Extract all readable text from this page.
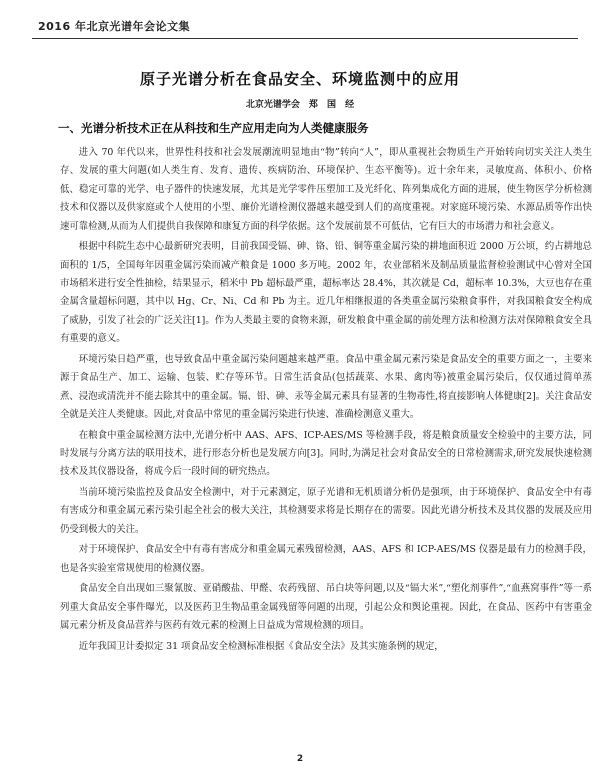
2016 年北京光谱年会论文集
原子光谱分析在食品安全、环境监测中的应用
北京光谱学会　郑 国 经
一、光谱分析技术正在从科技和生产应用走向为人类健康服务

进入 70 年代以来，世界性科技和社会发展潮流明显地由“物”转向“人”，即从重视社会物质生产开始转向切实关注人类生存、发展的重大问题(如人类生育、发育、遗传、疾病防治、环境保护、生态平衡等)。近十余年来，灵敏度高、体积小、价格低、稳定可靠的光学、电子器件的快速发展，尤其是光学零件压塑加工及光纤化、阵列集成化方面的进展，使生物医学分析检测技术和仪器以及供家庭或个人使用的小型、廉价光谱检测仪器越来越受到人们的高度重视。对家庭环境污染、水源品质等作出快速可靠检测,从而为人们提供自我保障和康复方面的科学依据。这个发展前景不可低估，它有巨大的市场潜力和社会意义。

根据中科院生态中心最新研究表明，目前我国受镉、砷、铬、铅、铜等重金属污染的耕地面积近 2000 万公顷，约占耕地总面积的 1/5，全国每年因重金属污染而减产粮食是 1000 多万吨。2002 年，农业部稻米及制品质量监督检验测试中心曾对全国市场稻米进行安全性抽检，结果显示，稻米中 Pb 超标最严重，超标率达 28.4%，其次就是 Cd，超标率 10.3%，大豆也存在重金属含量超标问题，其中以 Hg、Cr、Ni、Cd 和 Pb 为主。近几年相继报道的各类重金属污染粮食事件，对我国粮食安全构成了威胁，引发了社会的广泛关注[1]。作为人类最主要的食物来源，研发粮食中重金属的前处理方法和检测方法对保障粮食安全具有重要的意义。

环境污染日趋严重，也导致食品中重金属污染问题越来越严重。食品中重金属元素污染是食品安全的重要方面之一，主要来源于食品生产、加工、运输、包装、贮存等环节。日常生活食品(包括蔬菜、水果、禽肉等)被重金属污染后，仅仅通过简单蒸煮、浸泡或清洗并不能去除其中的重金属。镉、铅、砷、汞等金属元素具有显著的生物毒性,将直接影响人体健康[2]。关注食品安全就是关注人类健康。因此,对食品中常见的重金属污染进行快速、准确检测意义重大。

在粮食中重金属检测方法中,光谱分析中 AAS、AFS、ICP-AES/MS 等检测手段，将是粮食质量安全检验中的主要方法，同时发展与分离方法的联用技术，进行形态分析也是发展方向[3]。同时,为满足社会对食品安全的日常检测需求,研究发展快速检测技术及其仪器设备，将成今后一段时间的研究热点。

当前环境污染监控及食品安全检测中，对于元素测定，原子光谱和无机质谱分析仍是强项，由于环境保护、食品安全中有毒有害成分和重金属元素污染引起全社会的极大关注，其检测要求将是长期存在的需要。因此光谱分析技术及其仪器的发展及应用仍受到极大的关注。

对于环境保护、食品安全中有毒有害成分和重金属元素残留检测，AAS、AFS 和 ICP-AES/MS 仪器是最有力的检测手段，也是各实验室常规使用的检测仪器。

食品安全自出现如三聚氰胺、亚硝酸盐、甲醛、农药残留、吊白块等问题,以及“镉大米”,“塑化剂事件”,“血燕窝事件”等一系列重大食品安全事件曝光，以及医药卫生物品重金属残留等问题的出现，引起公众和舆论重视。因此，在食品、医药中有害重金属元素分析及食品营养与医药有效元素的检测上日益成为常规检测的项目。

近年我国卫计委拟定 31 项食品安全检测标准根据《食品安全法》及其实施条例的规定，

2
